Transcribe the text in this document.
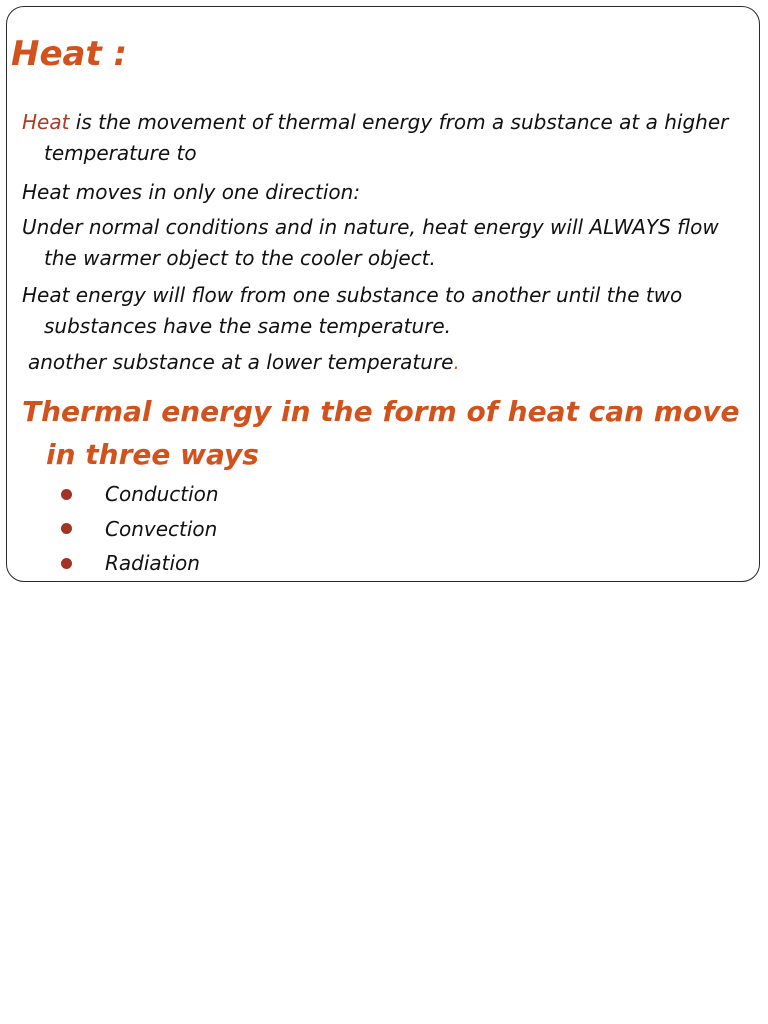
Heat :

Heat is the movement of thermal energy from a substance at a higher temperature to

Heat moves in only one direction:

Under normal conditions and in nature, heat energy will ALWAYS flow the warmer object to the cooler object.

Heat energy will flow from one substance to another until the two substances have the same temperature.

another substance at a lower temperature.

Thermal energy in the form of heat can move in three ways
Conduction
Convection
Radiation
